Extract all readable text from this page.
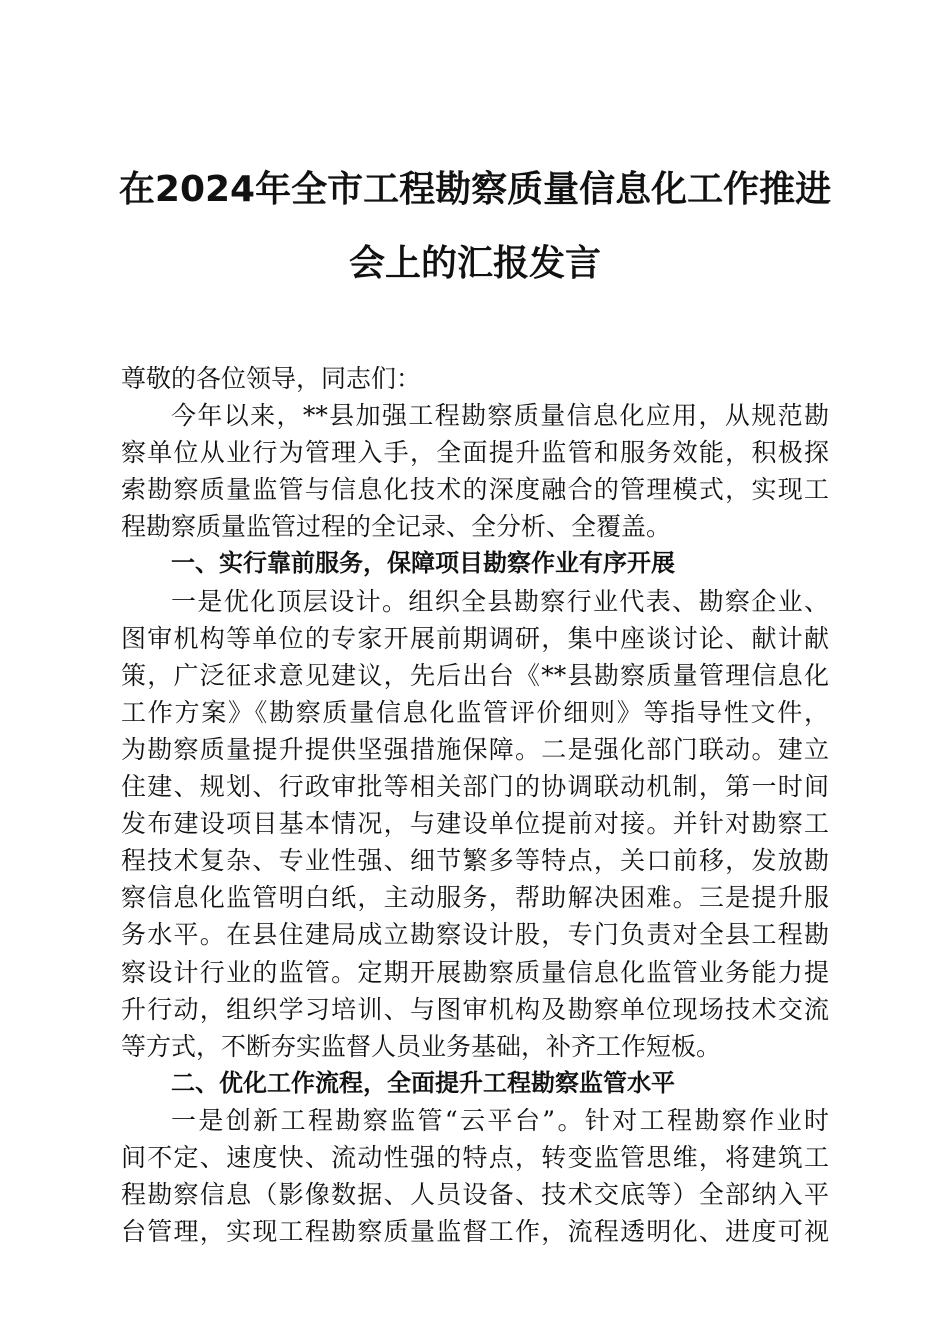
在2024年全市工程勘察质量信息化工作推进
会上的汇报发言
尊敬的各位领导，同志们：
今年以来，**县加强工程勘察质量信息化应用，从规范勘
察单位从业行为管理入手，全面提升监管和服务效能，积极探
索勘察质量监管与信息化技术的深度融合的管理模式，实现工
程勘察质量监管过程的全记录、全分析、全覆盖。
一、实行靠前服务，保障项目勘察作业有序开展
一是优化顶层设计。组织全县勘察行业代表、勘察企业、
图审机构等单位的专家开展前期调研，集中座谈讨论、献计献
策，广泛征求意见建议，先后出台《**县勘察质量管理信息化
工作方案》《勘察质量信息化监管评价细则》等指导性文件，
为勘察质量提升提供坚强措施保障。二是强化部门联动。建立
住建、规划、行政审批等相关部门的协调联动机制，第一时间
发布建设项目基本情况，与建设单位提前对接。并针对勘察工
程技术复杂、专业性强、细节繁多等特点，关口前移，发放勘
察信息化监管明白纸，主动服务，帮助解决困难。三是提升服
务水平。在县住建局成立勘察设计股，专门负责对全县工程勘
察设计行业的监管。定期开展勘察质量信息化监管业务能力提
升行动，组织学习培训、与图审机构及勘察单位现场技术交流
等方式，不断夯实监督人员业务基础，补齐工作短板。
二、优化工作流程，全面提升工程勘察监管水平
一是创新工程勘察监管“云平台”。针对工程勘察作业时
间不定、速度快、流动性强的特点，转变监管思维，将建筑工
程勘察信息（影像数据、人员设备、技术交底等）全部纳入平
台管理，实现工程勘察质量监督工作，流程透明化、进度可视
